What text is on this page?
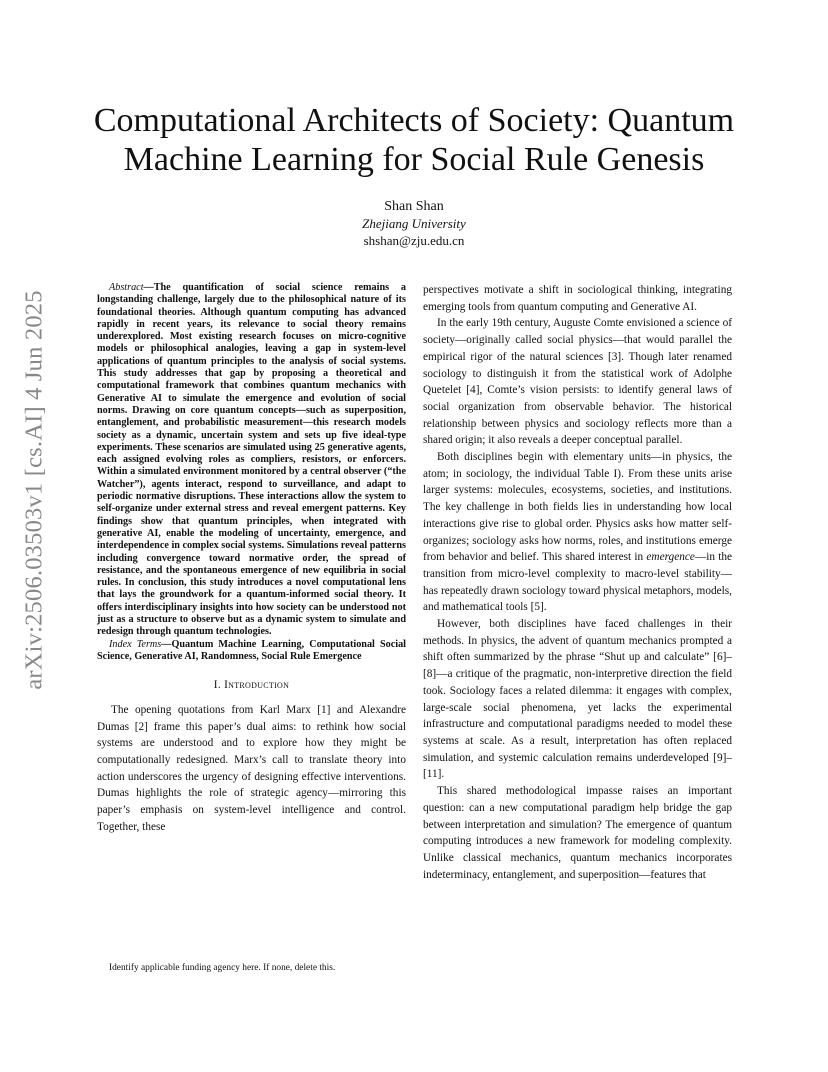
arXiv:2506.03503v1 [cs.AI] 4 Jun 2025
Computational Architects of Society: Quantum Machine Learning for Social Rule Genesis
Shan Shan
Zhejiang University
shshan@zju.edu.cn

Abstract—The quantification of social science remains a longstanding challenge, largely due to the philosophical nature of its foundational theories. Although quantum computing has advanced rapidly in recent years, its relevance to social theory remains underexplored. Most existing research focuses on micro-cognitive models or philosophical analogies, leaving a gap in system-level applications of quantum principles to the analysis of social systems. This study addresses that gap by proposing a theoretical and computational framework that combines quantum mechanics with Generative AI to simulate the emergence and evolution of social norms. Drawing on core quantum concepts—such as superposition, entanglement, and probabilistic measurement—this research models society as a dynamic, uncertain system and sets up five ideal-type experiments. These scenarios are simulated using 25 generative agents, each assigned evolving roles as compliers, resistors, or enforcers. Within a simulated environment monitored by a central observer (“the Watcher”), agents interact, respond to surveillance, and adapt to periodic normative disruptions. These interactions allow the system to self-organize under external stress and reveal emergent patterns. Key findings show that quantum principles, when integrated with generative AI, enable the modeling of uncertainty, emergence, and interdependence in complex social systems. Simulations reveal patterns including convergence toward normative order, the spread of resistance, and the spontaneous emergence of new equilibria in social rules. In conclusion, this study introduces a novel computational lens that lays the groundwork for a quantum-informed social theory. It offers interdisciplinary insights into how society can be understood not just as a structure to observe but as a dynamic system to simulate and redesign through quantum technologies.

Index Terms—Quantum Machine Learning, Computational Social Science, Generative AI, Randomness, Social Rule Emergence

I. Introduction

The opening quotations from Karl Marx [1] and Alexandre Dumas [2] frame this paper’s dual aims: to rethink how social systems are understood and to explore how they might be computationally redesigned. Marx’s call to translate theory into action underscores the urgency of designing effective interventions. Dumas highlights the role of strategic agency—mirroring this paper’s emphasis on system-level intelligence and control. Together, these

perspectives motivate a shift in sociological thinking, integrating emerging tools from quantum computing and Generative AI.

In the early 19th century, Auguste Comte envisioned a science of society—originally called social physics—that would parallel the empirical rigor of the natural sciences [3]. Though later renamed sociology to distinguish it from the statistical work of Adolphe Quetelet [4], Comte’s vision persists: to identify general laws of social organization from observable behavior. The historical relationship between physics and sociology reflects more than a shared origin; it also reveals a deeper conceptual parallel.

Both disciplines begin with elementary units—in physics, the atom; in sociology, the individual Table I). From these units arise larger systems: molecules, ecosystems, societies, and institutions. The key challenge in both fields lies in understanding how local interactions give rise to global order. Physics asks how matter self-organizes; sociology asks how norms, roles, and institutions emerge from behavior and belief. This shared interest in emergence—in the transition from micro-level complexity to macro-level stability—has repeatedly drawn sociology toward physical metaphors, models, and mathematical tools [5].

However, both disciplines have faced challenges in their methods. In physics, the advent of quantum mechanics prompted a shift often summarized by the phrase “Shut up and calculate” [6]–[8]—a critique of the pragmatic, non-interpretive direction the field took. Sociology faces a related dilemma: it engages with complex, large-scale social phenomena, yet lacks the experimental infrastructure and computational paradigms needed to model these systems at scale. As a result, interpretation has often replaced simulation, and systemic calculation remains underdeveloped [9]–[11].

This shared methodological impasse raises an important question: can a new computational paradigm help bridge the gap between interpretation and simulation? The emergence of quantum computing introduces a new framework for modeling complexity. Unlike classical mechanics, quantum mechanics incorporates indeterminacy, entanglement, and superposition—features that

Identify applicable funding agency here. If none, delete this.
